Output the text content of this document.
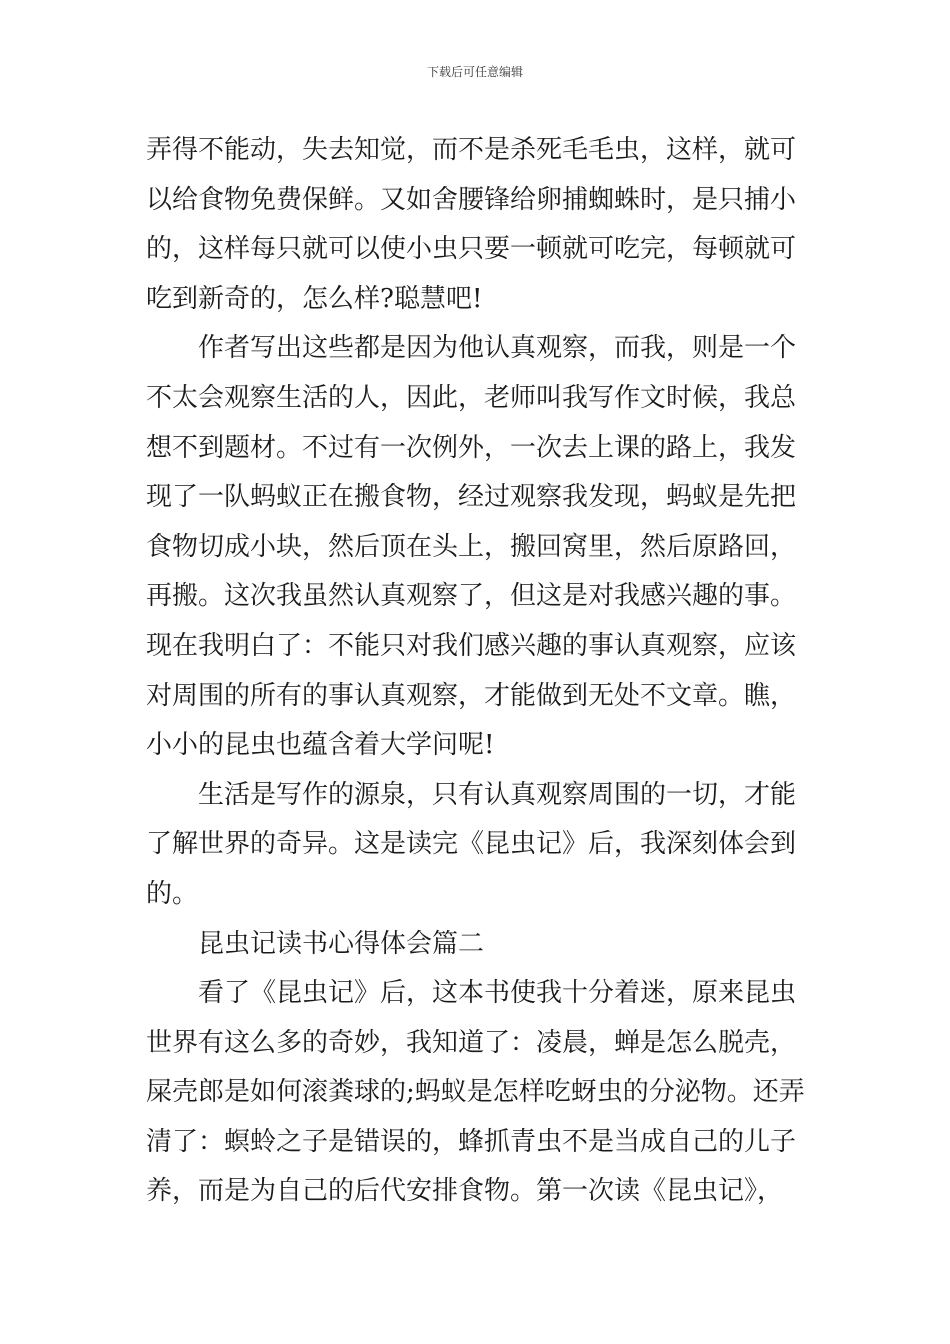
下载后可任意编辑
弄得不能动，失去知觉，而不是杀死毛毛虫，这样，就可
以给食物免费保鲜。又如舍腰锋给卵捕蜘蛛时，是只捕小
的，这样每只就可以使小虫只要一顿就可吃完，每顿就可
吃到新奇的，怎么样?聪慧吧!
作者写出这些都是因为他认真观察，而我，则是一个
不太会观察生活的人，因此，老师叫我写作文时候，我总
想不到题材。不过有一次例外，一次去上课的路上，我发
现了一队蚂蚁正在搬食物，经过观察我发现，蚂蚁是先把
食物切成小块，然后顶在头上，搬回窝里，然后原路回，
再搬。这次我虽然认真观察了，但这是对我感兴趣的事。
现在我明白了：不能只对我们感兴趣的事认真观察，应该
对周围的所有的事认真观察，才能做到无处不文章。瞧，
小小的昆虫也蕴含着大学问呢!
生活是写作的源泉，只有认真观察周围的一切，才能
了解世界的奇异。这是读完《昆虫记》后，我深刻体会到
的。
昆虫记读书心得体会篇二
看了《昆虫记》后，这本书使我十分着迷，原来昆虫
世界有这么多的奇妙，我知道了：凌晨，蝉是怎么脱壳，
屎壳郎是如何滚粪球的;蚂蚁是怎样吃蚜虫的分泌物。还弄
清了：螟蛉之子是错误的，蜂抓青虫不是当成自己的儿子
养，而是为自己的后代安排食物。第一次读《昆虫记》，
